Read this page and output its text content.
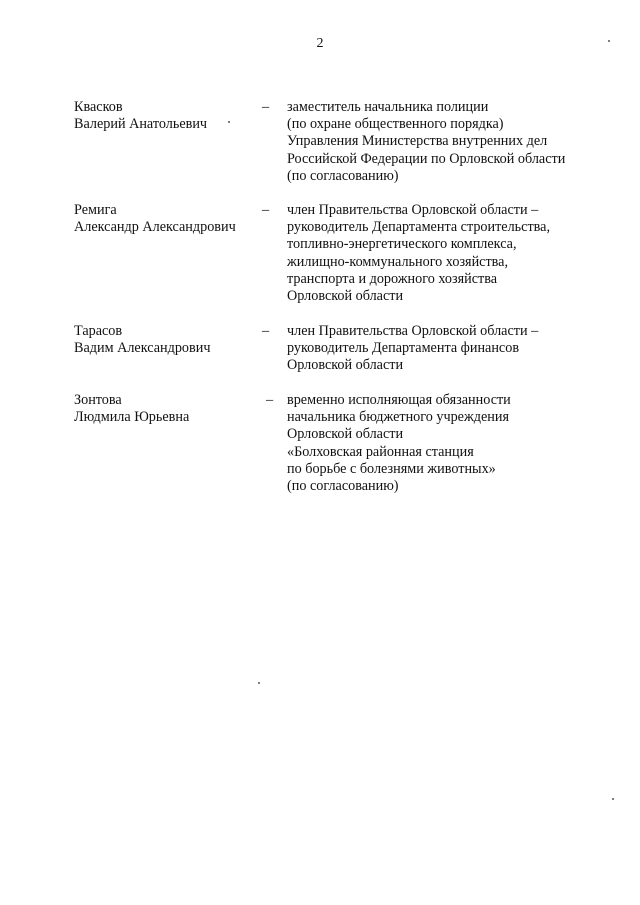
2
Квасков
Валерий Анатольевич
– заместитель начальника полиции
(по охране общественного порядка)
Управления Министерства внутренних дел
Российской Федерации по Орловской области
(по согласованию)
Ремига
Александр Александрович
– член Правительства Орловской области –
руководитель Департамента строительства,
топливно-энергетического комплекса,
жилищно-коммунального хозяйства,
транспорта и дорожного хозяйства
Орловской области
Тарасов
Вадим Александрович
– член Правительства Орловской области –
руководитель Департамента финансов
Орловской области
Зонтова
Людмила Юрьевна
– временно исполняющая обязанности
начальника бюджетного учреждения
Орловской области
«Болховская районная станция
по борьбе с болезнями животных»
(по согласованию)
